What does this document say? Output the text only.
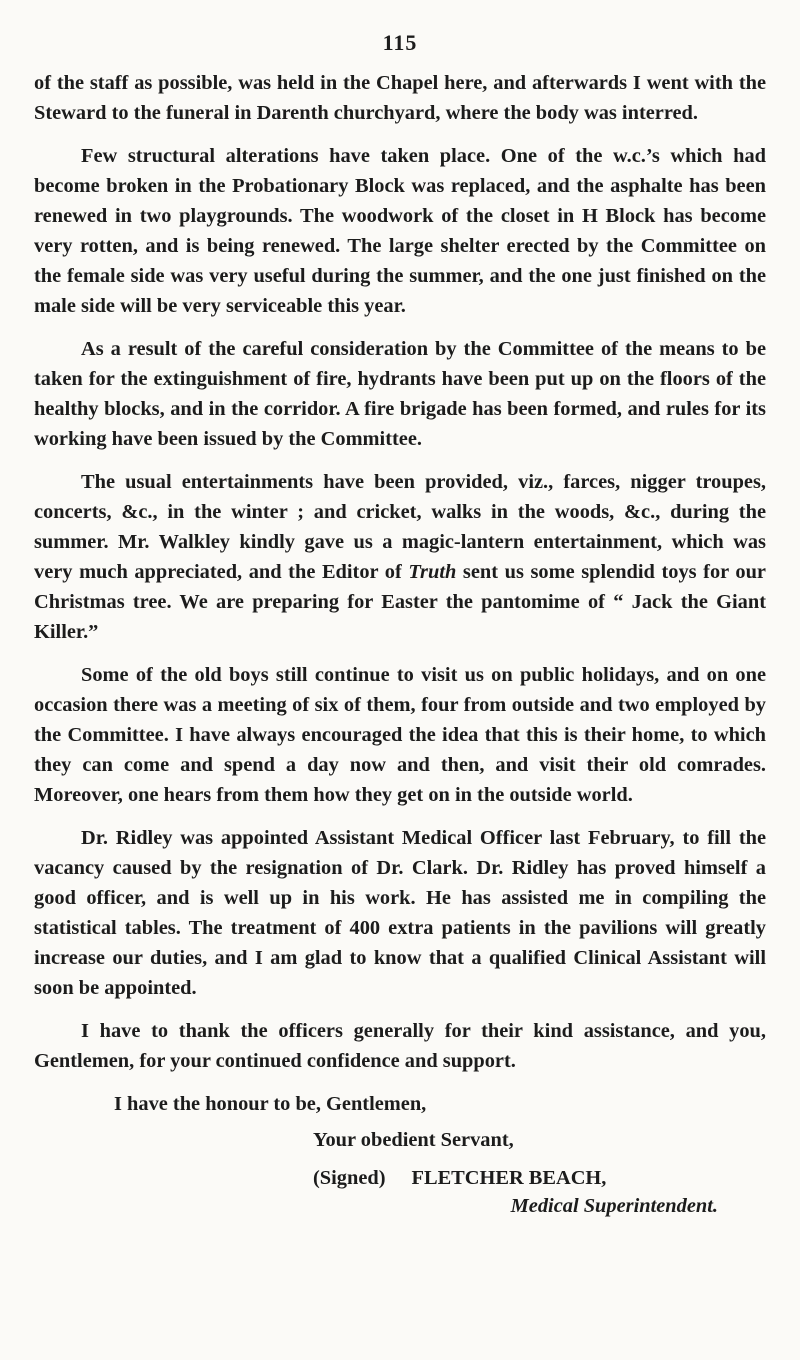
115

of the staff as possible, was held in the Chapel here, and afterwards I went with the Steward to the funeral in Darenth churchyard, where the body was interred.

Few structural alterations have taken place. One of the w.c.’s which had become broken in the Probationary Block was replaced, and the asphalte has been renewed in two playgrounds. The woodwork of the closet in H Block has become very rotten, and is being renewed. The large shelter erected by the Committee on the female side was very useful during the summer, and the one just finished on the male side will be very serviceable this year.

As a result of the careful consideration by the Committee of the means to be taken for the extinguishment of fire, hydrants have been put up on the floors of the healthy blocks, and in the corridor. A fire brigade has been formed, and rules for its working have been issued by the Committee.

The usual entertainments have been provided, viz., farces, nigger troupes, concerts, &c., in the winter ; and cricket, walks in the woods, &c., during the summer. Mr. Walkley kindly gave us a magic-lantern entertainment, which was very much appreciated, and the Editor of Truth sent us some splendid toys for our Christmas tree. We are preparing for Easter the pantomime of “ Jack the Giant Killer.”

Some of the old boys still continue to visit us on public holidays, and on one occasion there was a meeting of six of them, four from outside and two employed by the Committee. I have always encouraged the idea that this is their home, to which they can come and spend a day now and then, and visit their old comrades. Moreover, one hears from them how they get on in the outside world.

Dr. Ridley was appointed Assistant Medical Officer last February, to fill the vacancy caused by the resignation of Dr. Clark. Dr. Ridley has proved himself a good officer, and is well up in his work. He has assisted me in compiling the statistical tables. The treatment of 400 extra patients in the pavilions will greatly increase our duties, and I am glad to know that a qualified Clinical Assistant will soon be appointed.

I have to thank the officers generally for their kind assistance, and you, Gentlemen, for your continued confidence and support.

I have the honour to be, Gentlemen,
Your obedient Servant,
(Signed) FLETCHER BEACH,
Medical Superintendent.
